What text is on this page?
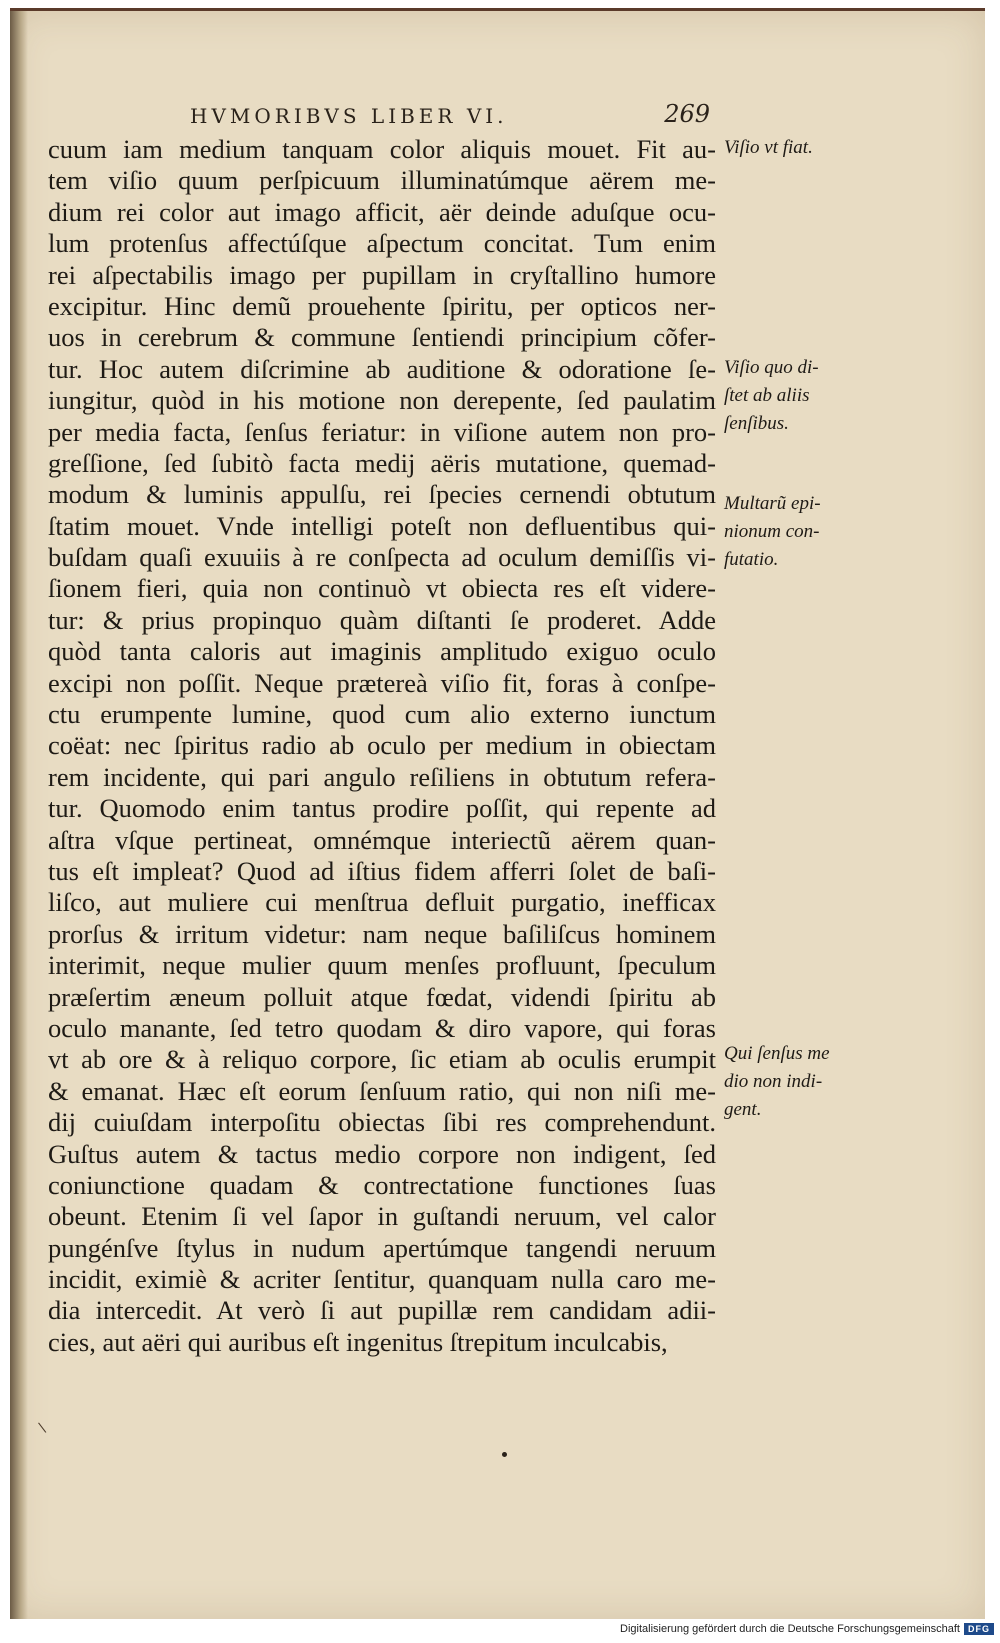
HVMORIBVS LIBER VI.	269
cuum iam medium tanquam color aliquis mouet. Fit au-
tem viſio quum perſpicuum illuminatúmque aërem me-
dium rei color aut imago afficit, aër deinde aduſque ocu-
lum protenſus affectúſque aſpectum concitat. Tum enim
rei aſpectabilis imago per pupillam in cryſtallino humore
excipitur. Hinc demũ prouehente ſpiritu, per opticos ner-
uos in cerebrum & commune ſentiendi principium cõfer-
tur. Hoc autem diſcrimine ab auditione & odoratione ſe-
iungitur, quòd in his motione non derepente, ſed paulatim
per media facta, ſenſus feriatur: in viſione autem non pro-
greſſione, ſed ſubitò facta medij aëris mutatione, quemad-
modum & luminis appulſu, rei ſpecies cernendi obtutum
ſtatim mouet. Vnde intelligi poteſt non defluentibus qui-
buſdam quaſi exuuiis à re conſpecta ad oculum demiſſis vi-
ſionem fieri, quia non continuò vt obiecta res eſt videre-
tur: & prius propinquo quàm diſtanti ſe proderet. Adde
quòd tanta caloris aut imaginis amplitudo exiguo oculo
excipi non poſſit. Neque prætereà viſio fit, foras à conſpe-
ctu erumpente lumine, quod cum alio externo iunctum
coëat: nec ſpiritus radio ab oculo per medium in obiectam
rem incidente, qui pari angulo reſiliens in obtutum refera-
tur. Quomodo enim tantus prodire poſſit, qui repente ad
aſtra vſque pertineat, omnémque interiectũ aërem quan-
tus eſt impleat? Quod ad iſtius fidem afferri ſolet de baſi-
liſco, aut muliere cui menſtrua defluit purgatio, inefficax
prorſus & irritum videtur: nam neque baſiliſcus hominem
interimit, neque mulier quum menſes profluunt, ſpeculum
præſertim æneum polluit atque fœdat, videndi ſpiritu ab
oculo manante, ſed tetro quodam & diro vapore, qui foras
vt ab ore & à reliquo corpore, ſic etiam ab oculis erumpit
& emanat. Hæc eſt eorum ſenſuum ratio, qui non niſi me-
dij cuiuſdam interpoſitu obiectas ſibi res comprehendunt.
Guſtus autem & tactus medio corpore non indigent, ſed
coniunctione quadam & contrectatione functiones ſuas
obeunt. Etenim ſi vel ſapor in guſtandi neruum, vel calor
pungénſve ſtylus in nudum apertúmque tangendi neruum
incidit, eximiè & acriter ſentitur, quanquam nulla caro me-
dia intercedit. At verò ſi aut pupillæ rem candidam adii-
cies, aut aëri qui auribus eſt ingenitus ſtrepitum inculcabis,

Viſio vt fiat.

Viſio quo di-
ſtet ab aliis
ſenſibus.

Multarũ epi-
nionum con-
futatio.

Qui ſenſus me
dio non indi-
gent.

\
Digitalisierung gefördert durch die Deutsche Forschungsgemeinschaft DFG
